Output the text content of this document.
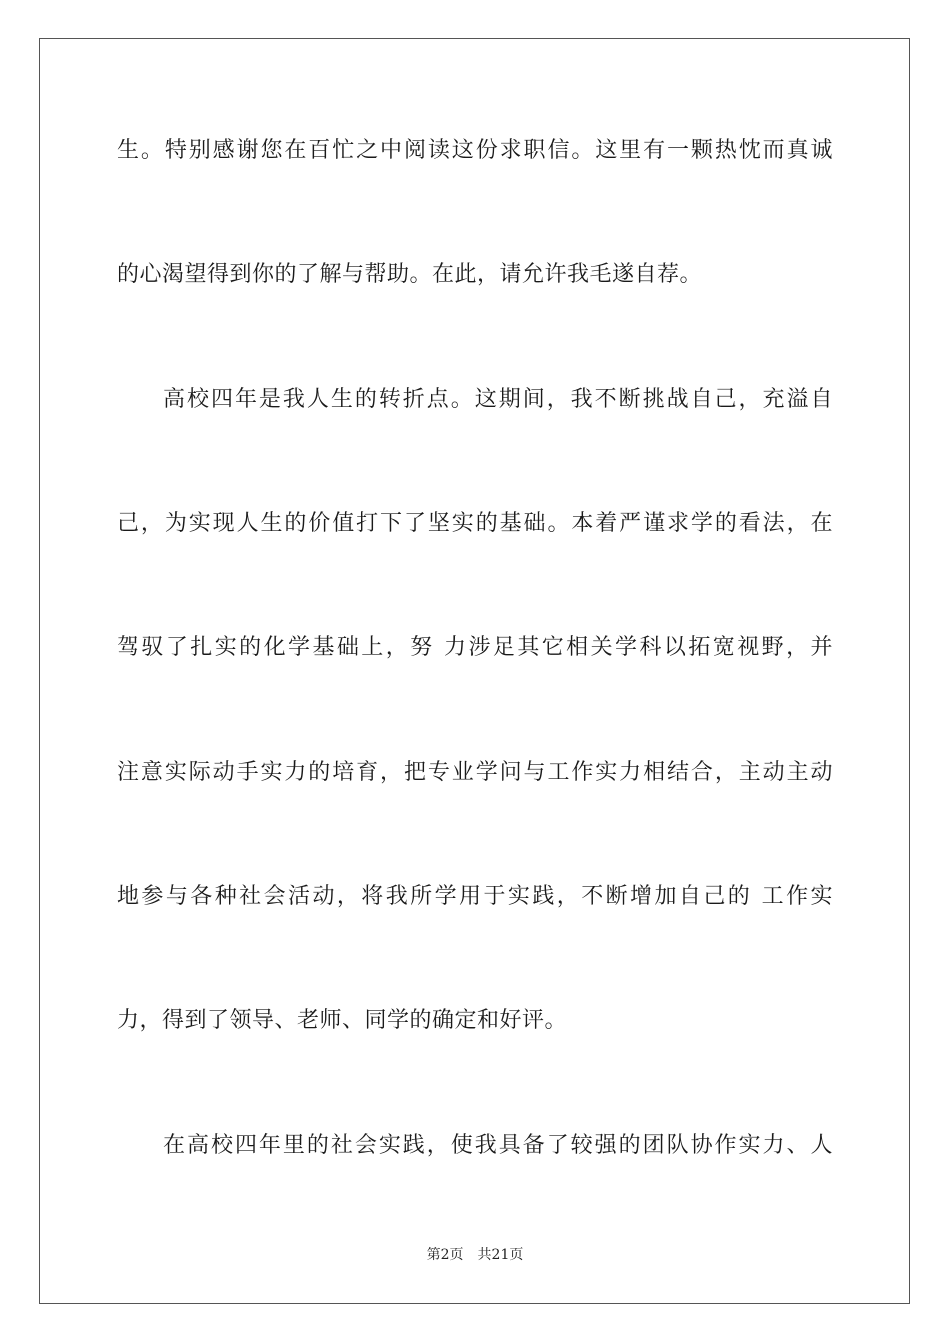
生。特别感谢您在百忙之中阅读这份求职信。这里有一颗热忱而真诚
的心渴望得到你的了解与帮助。在此，请允许我毛遂自荐。
高校四年是我人生的转折点。这期间，我不断挑战自己，充溢自
己，为实现人生的价值打下了坚实的基础。本着严谨求学的看法，在
驾驭了扎实的化学基础上，努 力涉足其它相关学科以拓宽视野，并
注意实际动手实力的培育，把专业学问与工作实力相结合，主动主动
地参与各种社会活动，将我所学用于实践，不断增加自己的 工作实
力，得到了领导、老师、同学的确定和好评。
在高校四年里的社会实践，使我具备了较强的团队协作实力、人
第2页　共21页
